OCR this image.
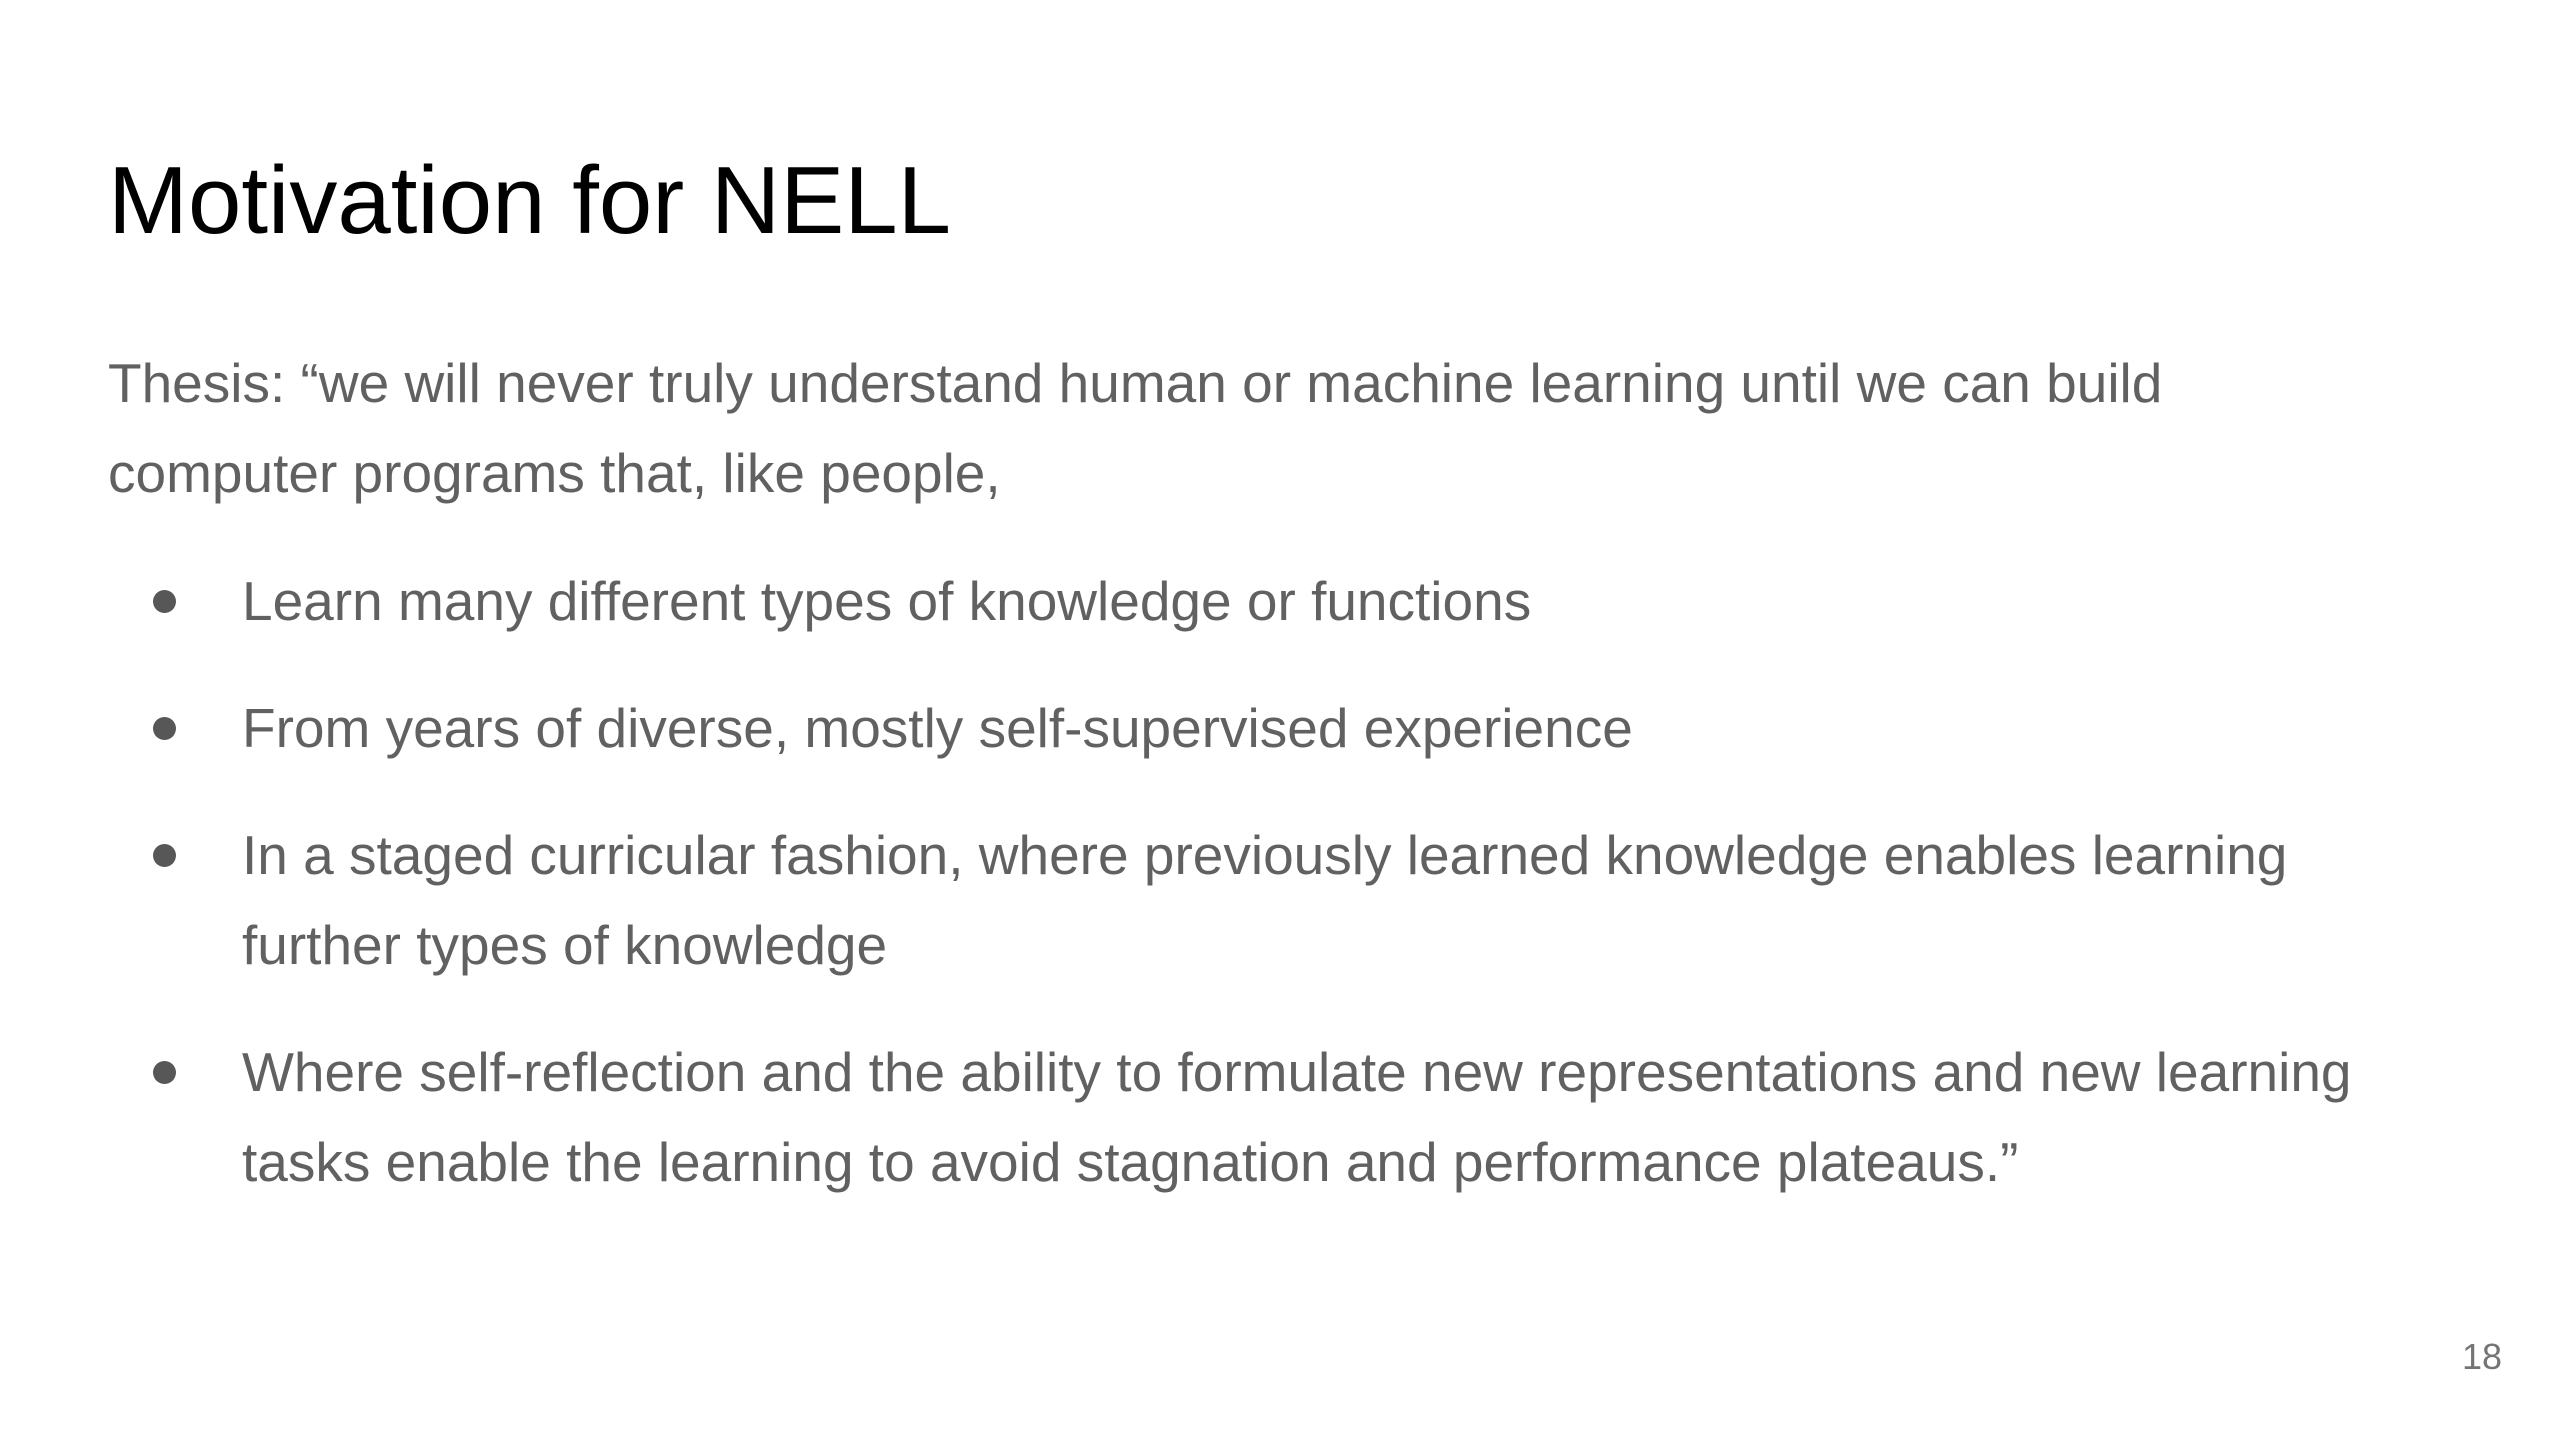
Motivation for NELL

Thesis: “we will never truly understand human or machine learning until we can build computer programs that, like people,

Learn many different types of knowledge or functions
From years of diverse, mostly self-supervised experience
In a staged curricular fashion, where previously learned knowledge enables learning further types of knowledge
Where self-reflection and the ability to formulate new representations and new learning tasks enable the learning to avoid stagnation and performance plateaus.”
18
